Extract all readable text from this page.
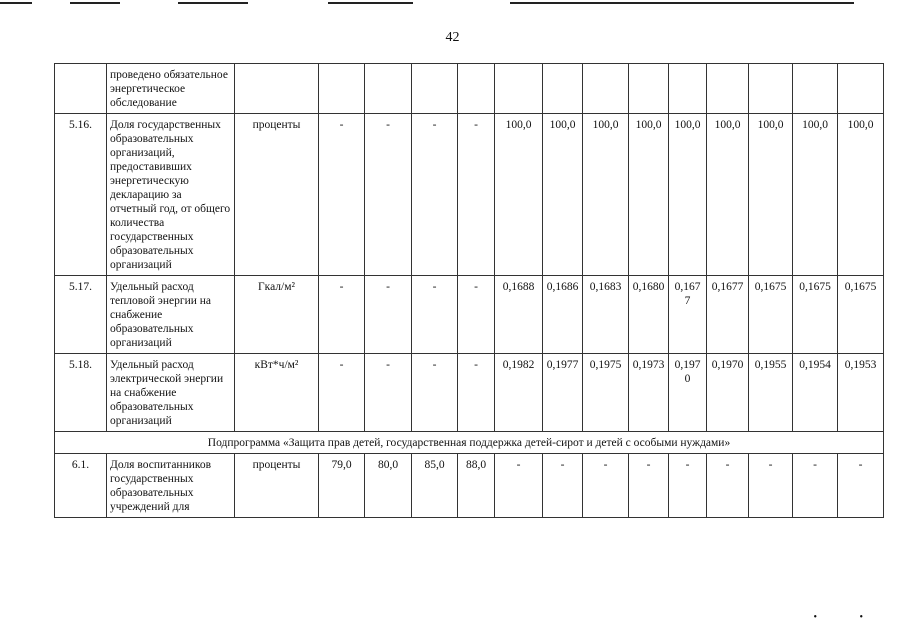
42
	проведено обязательное энергетическое обследование														
5.16.	Доля государственных образовательных организаций, предоставивших энергетическую декларацию за отчетный год, от общего количества государственных образовательных организаций	проценты	-	-	-	-	100,0	100,0	100,0	100,0	100,0	100,0	100,0	100,0	100,0
5.17.	Удельный расход тепловой энергии на снабжение образовательных организаций	Гкал/м²	-	-	-	-	0,1688	0,1686	0,1683	0,1680	0,1677	0,1677	0,1675	0,1675	0,1675
5.18.	Удельный расход электрической энергии на снабжение образовательных организаций	кВт*ч/м²	-	-	-	-	0,1982	0,1977	0,1975	0,1973	0,1970	0,1970	0,1955	0,1954	0,1953
Подпрограмма «Защита прав детей, государственная поддержка детей-сирот и детей с особыми нуждами»															
6.1.	Доля воспитанников государственных образовательных учреждений для	проценты	79,0	80,0	85,0	88,0	-	-	-	-	-	-	-	-	-
• •
